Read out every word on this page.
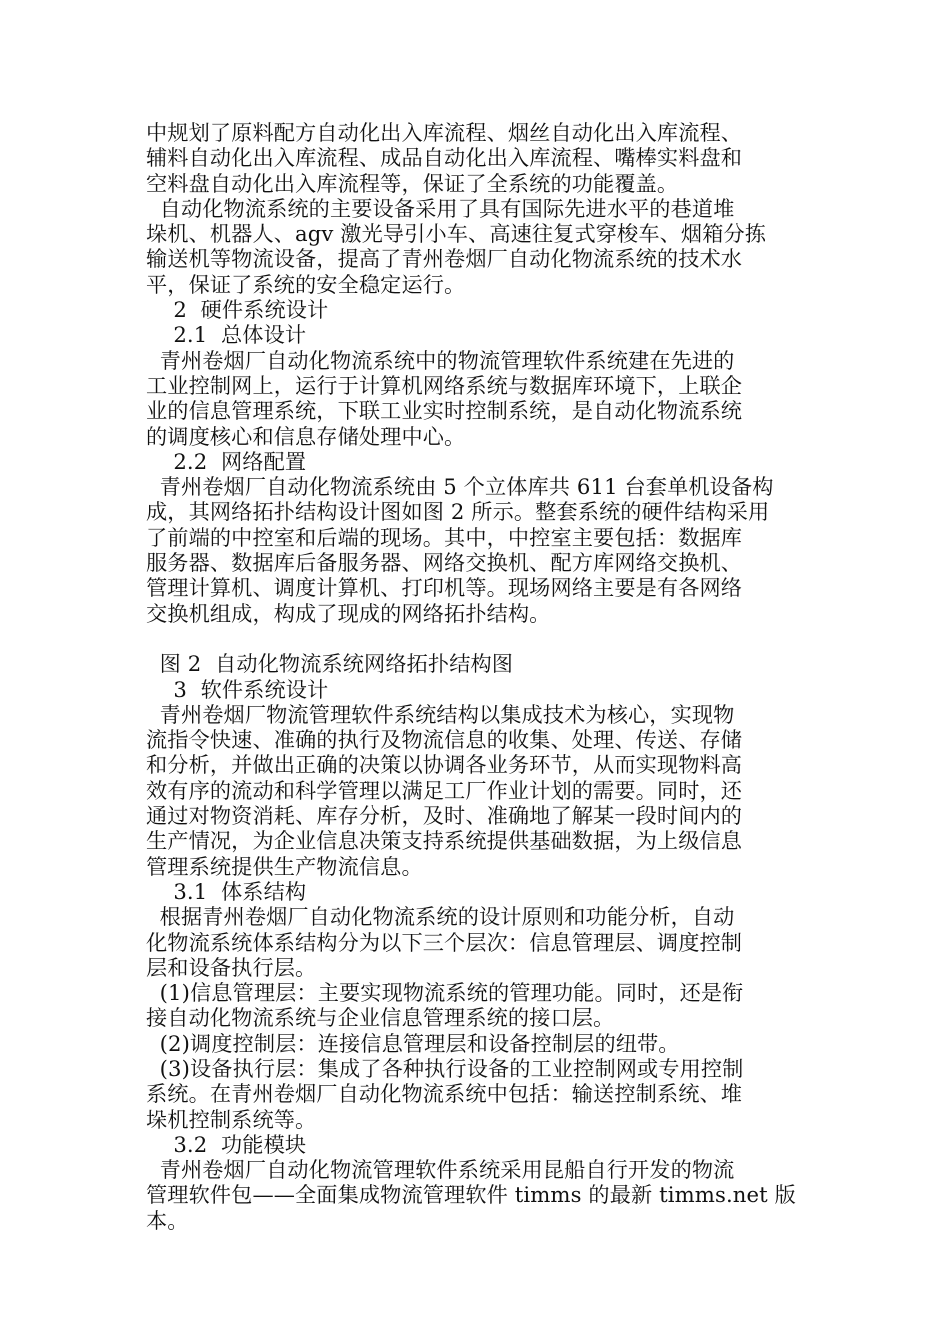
中规划了原料配方自动化出入库流程、烟丝自动化出入库流程、
辅料自动化出入库流程、成品自动化出入库流程、嘴棒实料盘和
空料盘自动化出入库流程等，保证了全系统的功能覆盖。
自动化物流系统的主要设备采用了具有国际先进水平的巷道堆
垛机、机器人、agv 激光导引小车、高速往复式穿梭车、烟箱分拣
输送机等物流设备，提高了青州卷烟厂自动化物流系统的技术水
平，保证了系统的安全稳定运行。
2  硬件系统设计
2.1  总体设计
青州卷烟厂自动化物流系统中的物流管理软件系统建在先进的
工业控制网上，运行于计算机网络系统与数据库环境下，上联企
业的信息管理系统，下联工业实时控制系统，是自动化物流系统
的调度核心和信息存储处理中心。
2.2  网络配置
青州卷烟厂自动化物流系统由 5 个立体库共 611 台套单机设备构
成，其网络拓扑结构设计图如图 2 所示。整套系统的硬件结构采用
了前端的中控室和后端的现场。其中，中控室主要包括：数据库
服务器、数据库后备服务器、网络交换机、配方库网络交换机、
管理计算机、调度计算机、打印机等。现场网络主要是有各网络
交换机组成，构成了现成的网络拓扑结构。
图 2  自动化物流系统网络拓扑结构图
3  软件系统设计
青州卷烟厂物流管理软件系统结构以集成技术为核心，实现物
流指令快速、准确的执行及物流信息的收集、处理、传送、存储
和分析，并做出正确的决策以协调各业务环节，从而实现物料高
效有序的流动和科学管理以满足工厂作业计划的需要。同时，还
通过对物资消耗、库存分析，及时、准确地了解某一段时间内的
生产情况，为企业信息决策支持系统提供基础数据，为上级信息
管理系统提供生产物流信息。
3.1  体系结构
根据青州卷烟厂自动化物流系统的设计原则和功能分析，自动
化物流系统体系结构分为以下三个层次：信息管理层、调度控制
层和设备执行层。
(1)信息管理层：主要实现物流系统的管理功能。同时，还是衔
接自动化物流系统与企业信息管理系统的接口层。
(2)调度控制层：连接信息管理层和设备控制层的纽带。
(3)设备执行层：集成了各种执行设备的工业控制网或专用控制
系统。在青州卷烟厂自动化物流系统中包括：输送控制系统、堆
垛机控制系统等。
3.2  功能模块
青州卷烟厂自动化物流管理软件系统采用昆船自行开发的物流
管理软件包——全面集成物流管理软件 timms 的最新 timms.net 版
本。
